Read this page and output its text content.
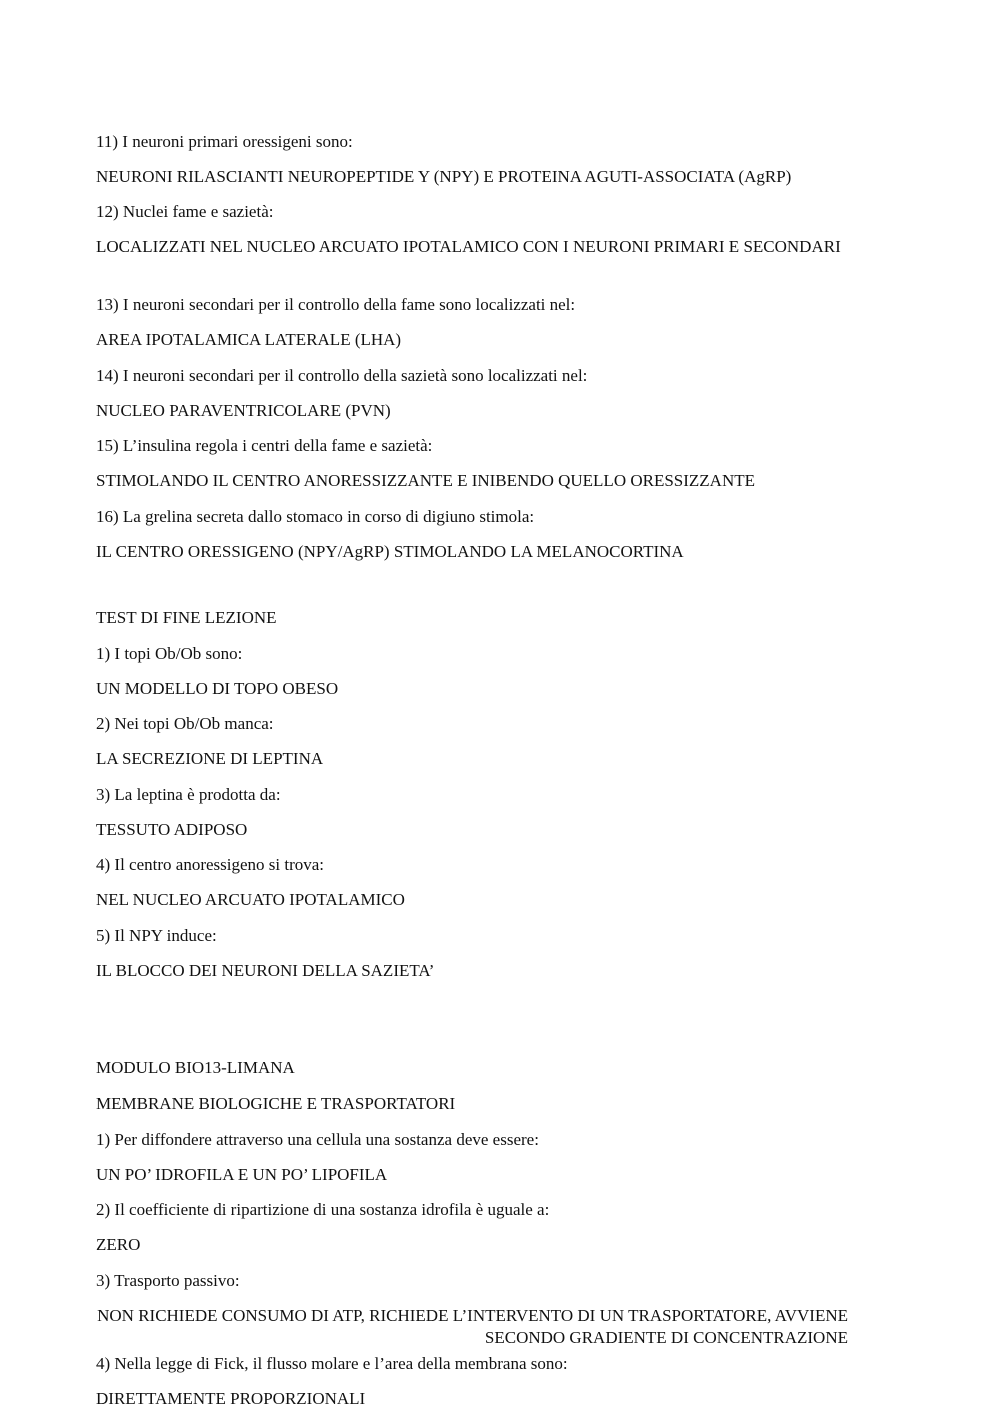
11) I neuroni primari oressigeni sono:

NEURONI RILASCIANTI NEUROPEPTIDE Y (NPY) E PROTEINA AGUTI-ASSOCIATA (AgRP)

12) Nuclei fame e sazietà:

LOCALIZZATI NEL NUCLEO ARCUATO IPOTALAMICO CON I NEURONI PRIMARI E SECONDARI

13) I neuroni secondari per il controllo della fame sono localizzati nel:

AREA IPOTALAMICA LATERALE (LHA)

14) I neuroni secondari per il controllo della sazietà sono localizzati nel:

NUCLEO PARAVENTRICOLARE (PVN)

15) L’insulina regola i centri della fame e sazietà:

STIMOLANDO IL CENTRO ANORESSIZZANTE E INIBENDO QUELLO ORESSIZZANTE

16) La grelina secreta dallo stomaco in corso di digiuno stimola:

IL CENTRO ORESSIGENO (NPY/AgRP) STIMOLANDO LA MELANOCORTINA

TEST DI FINE LEZIONE

1) I topi Ob/Ob sono:

UN MODELLO DI TOPO OBESO

2) Nei topi Ob/Ob manca:

LA SECREZIONE DI LEPTINA

3) La leptina è prodotta da:

TESSUTO ADIPOSO

4) Il centro anoressigeno si trova:

NEL NUCLEO ARCUATO IPOTALAMICO

5) Il NPY induce:

IL BLOCCO DEI NEURONI DELLA SAZIETA’

MODULO BIO13-LIMANA

MEMBRANE BIOLOGICHE E TRASPORTATORI

1) Per diffondere attraverso una cellula una sostanza deve essere:

UN PO’ IDROFILA E UN PO’ LIPOFILA

2) Il coefficiente di ripartizione di una sostanza idrofila è uguale a:

ZERO

3) Trasporto passivo:

NON RICHIEDE CONSUMO DI ATP, RICHIEDE L’INTERVENTO DI UN TRASPORTATORE, AVVIENE SECONDO GRADIENTE DI CONCENTRAZIONE

4) Nella legge di Fick, il flusso molare e l’area della membrana sono:

DIRETTAMENTE PROPORZIONALI
